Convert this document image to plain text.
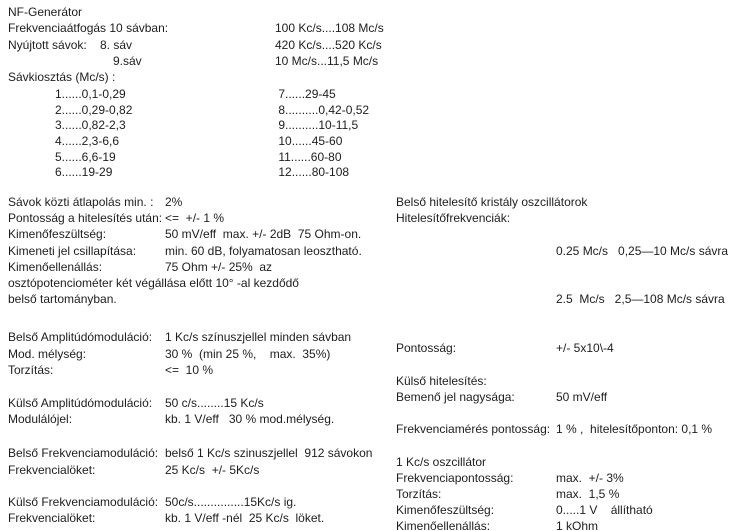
NF-Generátor
Frekvenciaátfogás 10 sávban:	100 Kc/s....108 Mc/s
Nyújtott sávok: 8. sáv	420 Kc/s....520 Kc/s
9.sáv	10 Mc/s...11,5 Mc/s
Sávkiosztás (Mc/s) :
1......0,1-0,29	7......29-45
2......0,29-0,82	8..........0,42-0,52
3......0,82-2,3	9..........10-11,5
4......2,3-6,6	10......45-60
5......6,6-19	11......60-80
6......19-29	12......80-108
Sávok közti átlapolás min. : 2%
Pontosság a hitelesítés után: <=  +/- 1 %
Kimenőfeszültség:	50 mV/eff  max. +/- 2dB  75 Ohm-on.
Kimeneti jel csillapítása:	min. 60 dB, folyamatosan leosztható.
Kimenőellenállás:	75 Ohm +/- 25%  az
osztópotenciométer két végállása előtt 10° -al kezdődő
belső tartományban.
Belső Amplitúdómoduláció:	1 Kc/s színuszjellel minden sávban
Mod. mélység:	30 %  (min 25 %,    max.  35%)
Torzítás:	<=  10 %
Külső Amplitúdómoduláció:	50 c/s........15 Kc/s
Modulálójel:	kb. 1 V/eff   30 % mod.mélység.
Belső Frekvenciamoduláció: belső 1 Kc/s szinuszjellel  912 sávokon
Frekvencialöket:	25 Kc/s  +/- 5Kc/s
Külső Frekvenciamoduláció: 50c/s...............15Kc/s ig.
Frekvencialöket:	kb. 1 V/eff -nél  25 Kc/s  löket.
Belső hitelesítő kristály oszcillátorok
Hitelesítőfrekvenciák:

0.25 Mc/s   0,25—10 Mc/s sávra

2.5  Mc/s   2,5—108 Mc/s sávra

Pontosság:	+/- 5x10\-4
Külső hitelesítés:
Bemenő jel nagysága:	50 mV/eff
Frekvenciamérés pontosság: 1 % ,  hitelesítőponton: 0,1 %
1 Kc/s oszcillátor
Frekvenciapontosság:	max.  +/- 3%
Torzítás:	max.  1,5 %
Kimenőfeszültség:	0.....1 V    állítható
Kimenőellenállás:	1 kOhm
